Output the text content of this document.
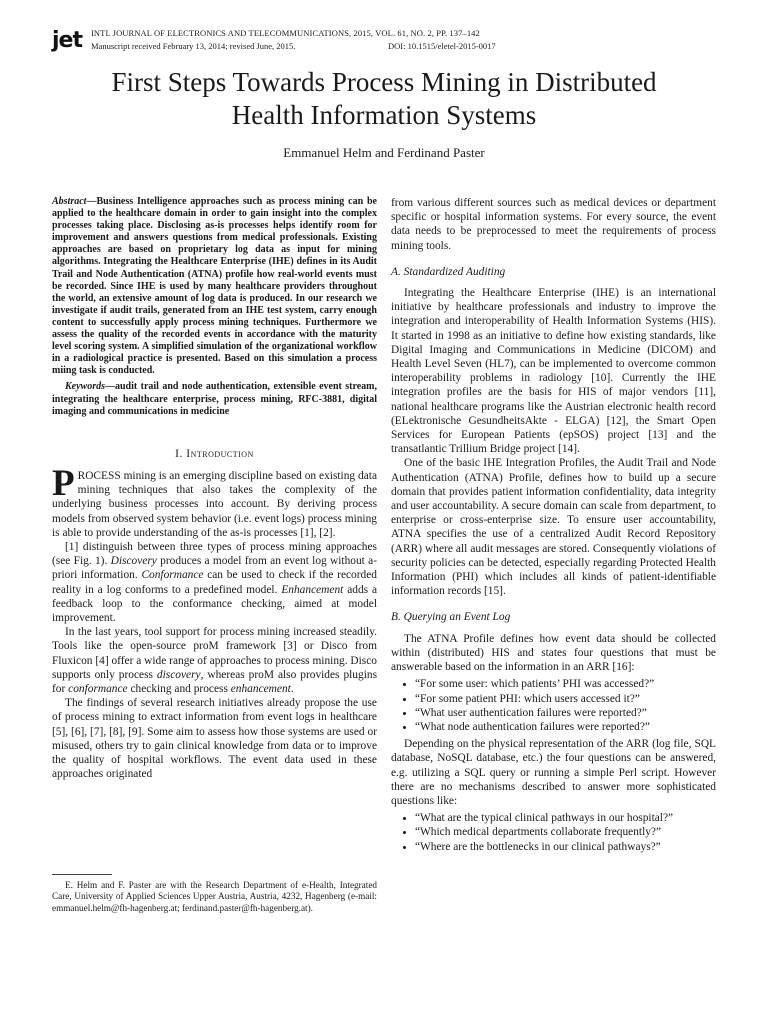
jet INTL JOURNAL OF ELECTRONICS AND TELECOMMUNICATIONS, 2015, VOL. 61, NO. 2, PP. 137–142
Manuscript received February 13, 2014; revised June, 2015.	DOI: 10.1515/eletel-2015-0017
First Steps Towards Process Mining in Distributed
Health Information Systems
Emmanuel Helm and Ferdinand Paster

Abstract—Business Intelligence approaches such as process mining can be applied to the healthcare domain in order to gain insight into the complex processes taking place. Disclosing as-is processes helps identify room for improvement and answers questions from medical professionals. Existing approaches are based on proprietary log data as input for mining algorithms. Integrating the Healthcare Enterprise (IHE) defines in its Audit Trail and Node Authentication (ATNA) profile how real-world events must be recorded. Since IHE is used by many healthcare providers throughout the world, an extensive amount of log data is produced. In our research we investigate if audit trails, generated from an IHE test system, carry enough content to successfully apply process mining techniques. Furthermore we assess the quality of the recorded events in accordance with the maturity level scoring system. A simplified simulation of the organizational workflow in a radiological practice is presented. Based on this simulation a process miing task is conducted.

Keywords—audit trail and node authentication, extensible event stream, integrating the healthcare enterprise, process mining, RFC-3881, digital imaging and communications in medicine

I. Introduction

PROCESS mining is an emerging discipline based on existing data mining techniques that also takes the complexity of the underlying business processes into account. By deriving process models from observed system behavior (i.e. event logs) process mining is able to provide understanding of the as-is processes [1], [2].

[1] distinguish between three types of process mining approaches (see Fig. 1). Discovery produces a model from an event log without a-priori information. Conformance can be used to check if the recorded reality in a log conforms to a predefined model. Enhancement adds a feedback loop to the conformance checking, aimed at model improvement.

In the last years, tool support for process mining increased steadily. Tools like the open-source proM framework [3] or Disco from Fluxicon [4] offer a wide range of approaches to process mining. Disco supports only process discovery, whereas proM also provides plugins for conformance checking and process enhancement.

The findings of several research initiatives already propose the use of process mining to extract information from event logs in healthcare [5], [6], [7], [8], [9]. Some aim to assess how those systems are used or misused, others try to gain clinical knowledge from data or to improve the quality of hospital workflows. The event data used in these approaches originated

E. Helm and F. Paster are with the Research Department of e-Health, Integrated Care, University of Applied Sciences Upper Austria, Austria, 4232, Hagenberg (e-mail: emmanuel.helm@fh-hagenberg.at; ferdinand.paster@fh-hagenberg.at).

from various different sources such as medical devices or department specific or hospital information systems. For every source, the event data needs to be preprocessed to meet the requirements of process mining tools.

A. Standardized Auditing

Integrating the Healthcare Enterprise (IHE) is an international initiative by healthcare professionals and industry to improve the integration and interoperability of Health Information Systems (HIS). It started in 1998 as an initiative to define how existing standards, like Digital Imaging and Communications in Medicine (DICOM) and Health Level Seven (HL7), can be implemented to overcome common interoperability problems in radiology [10]. Currently the IHE integration profiles are the basis for HIS of major vendors [11], national healthcare programs like the Austrian electronic health record (ELektronische GesundheitsAkte - ELGA) [12], the Smart Open Services for European Patients (epSOS) project [13] and the transatlantic Trillium Bridge project [14].

One of the basic IHE Integration Profiles, the Audit Trail and Node Authentication (ATNA) Profile, defines how to build up a secure domain that provides patient information confidentiality, data integrity and user accountability. A secure domain can scale from department, to enterprise or cross-enterprise size. To ensure user accountability, ATNA specifies the use of a centralized Audit Record Repository (ARR) where all audit messages are stored. Consequently violations of security policies can be detected, especially regarding Protected Health Information (PHI) which includes all kinds of patient-identifiable information records [15].

B. Querying an Event Log

The ATNA Profile defines how event data should be collected within (distributed) HIS and states four questions that must be answerable based on the information in an ARR [16]:

• “For some user: which patients’ PHI was accessed?”
• “For some patient PHI: which users accessed it?”
• “What user authentication failures were reported?”
• “What node authentication failures were reported?”

Depending on the physical representation of the ARR (log file, SQL database, NoSQL database, etc.) the four questions can be answered, e.g. utilizing a SQL query or running a simple Perl script. However there are no mechanisms described to answer more sophisticated questions like:

• “What are the typical clinical pathways in our hospital?”
• “Which medical departments collaborate frequently?”
• “Where are the bottlenecks in our clinical pathways?”
